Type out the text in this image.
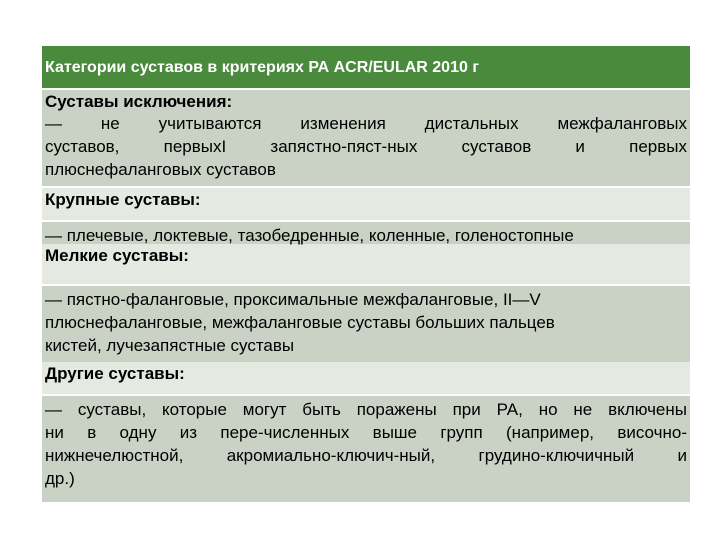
Категории суставов в критериях РА ACR/EULAR 2010 г
Суставы исключения:
— не учитываются изменения дистальных межфаланговых
суставов, первыхI запястно-пяст-ных суставов и первых
плюснефаланговых суставов
Крупные суставы:
— плечевые, локтевые, тазобедренные, коленные, голеностопные
Мелкие суставы:
— пястно-фаланговые, проксимальные межфаланговые, II—V
плюснефаланговые, межфаланговые суставы больших пальцев
кистей, лучезапястные суставы
Другие суставы:
— суставы, которые могут быть поражены при РА, но не включены
ни в одну из пере-численных выше групп (например, височно-
нижнечелюстной, акромиально-ключич-ный, грудино-ключичный и
др.)
